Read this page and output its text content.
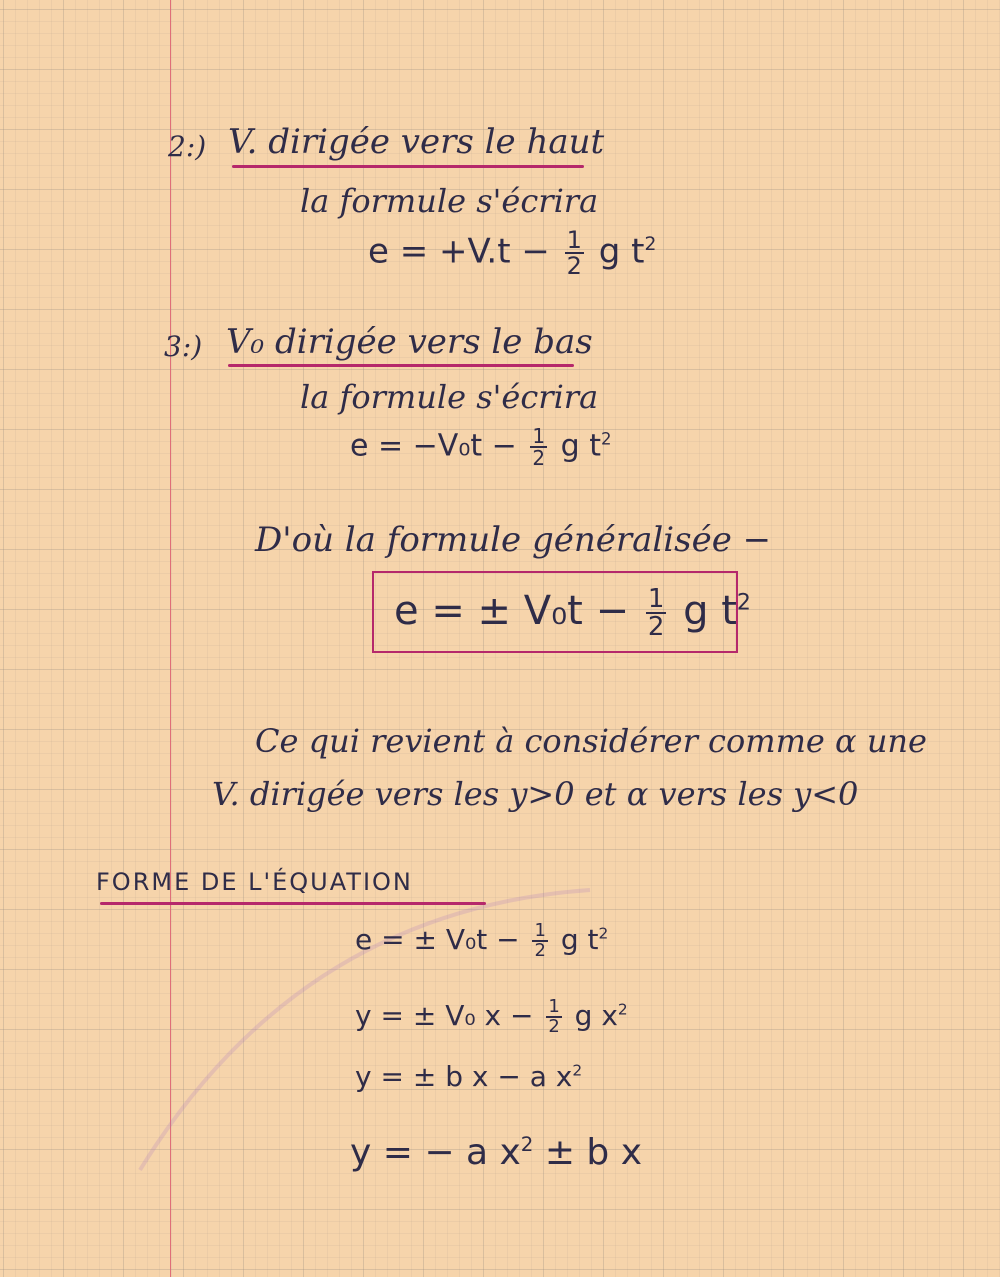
2:) V. dirigée vers le haut
la formule s'écrira
$e = +V.t - \frac{1}{2}$ g $t^2$
3:) V₀ dirigée vers le bas
la formule s'écrira
$e = -V_0t - \frac{1}{2}$ g $t^2$
D'où la formule généralisée −
e = ± $V_0t - \frac{1}{2}$ g $t^2$
Ce qui revient à considérer comme α une
V. dirigée vers les y>0 et α vers les y<0
FORME DE L'ÉQUATION
e = ± $V_0t - \frac{1}{2}$ g $t^2$
y = ± V₀ $x - \frac{1}{2}$ g $x^2$
y = ± b x − a $x^2$
y = − a $x^2 \pm b$ x
